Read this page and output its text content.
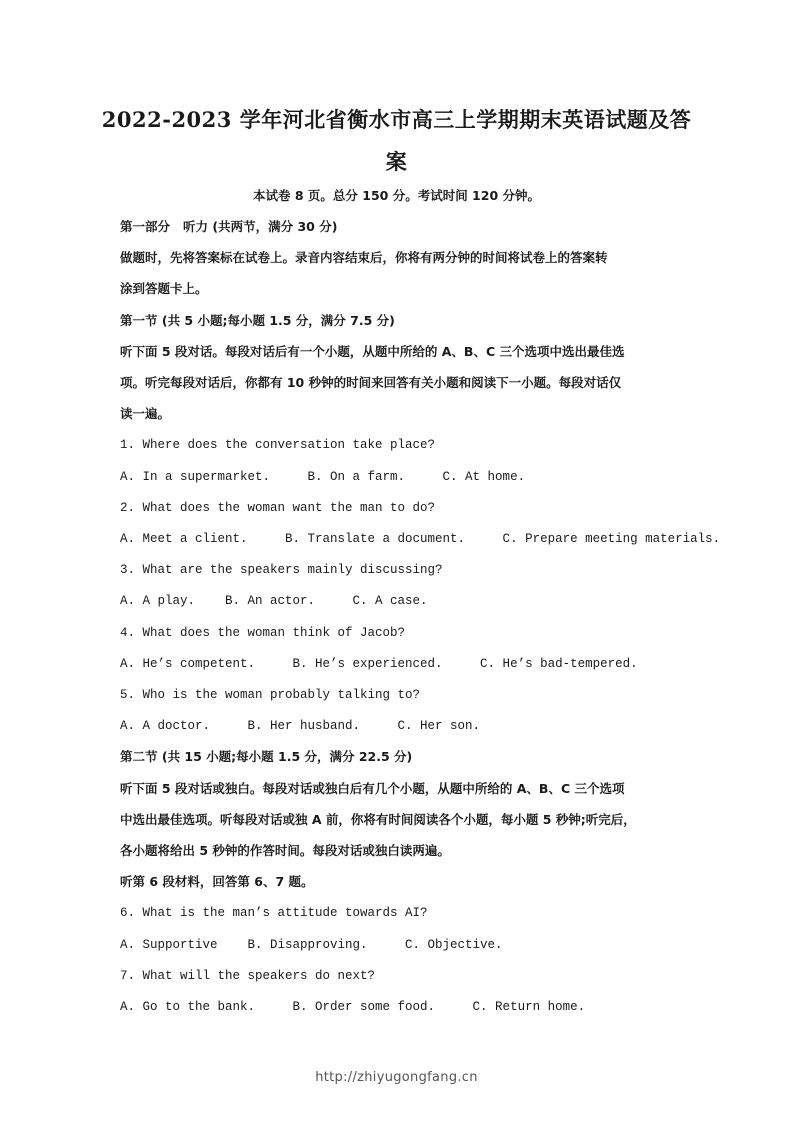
2022-2023 学年河北省衡水市高三上学期期末英语试题及答
案
本试卷 8 页。总分 150 分。考试时间 120 分钟。
第一部分   听力 (共两节，满分 30 分)
做题时，先将答案标在试卷上。录音内容结束后，你将有两分钟的时间将试卷上的答案转
涂到答题卡上。
第一节 (共 5 小题;每小题 1.5 分，满分 7.5 分)
听下面 5 段对话。每段对话后有一个小题，从题中所给的 A、B、C 三个选项中选出最佳选
项。听完每段对话后，你都有 10 秒钟的时间来回答有关小题和阅读下一小题。每段对话仅
读一遍。
1. Where does the conversation take place?
A. In a supermarket.     B. On a farm.     C. At home.
2. What does the woman want the man to do?
A. Meet a client.     B. Translate a document.     C. Prepare meeting materials.
3. What are the speakers mainly discussing?
A. A play.    B. An actor.     C. A case.
4. What does the woman think of Jacob?
A. He’s competent.     B. He’s experienced.     C. He’s bad-tempered.
5. Who is the woman probably talking to?
A. A doctor.     B. Her husband.     C. Her son.
第二节 (共 15 小题;每小题 1.5 分，满分 22.5 分)
听下面 5 段对话或独白。每段对话或独白后有几个小题，从题中所给的 A、B、C 三个选项
中选出最佳选项。听每段对话或独 A 前，你将有时间阅读各个小题，每小题 5 秒钟;听完后，
各小题将给出 5 秒钟的作答时间。每段对话或独白读两遍。
听第 6 段材料，回答第 6、7 题。
6. What is the man’s attitude towards AI?
A. Supportive    B. Disapproving.     C. Objective.
7. What will the speakers do next?
A. Go to the bank.     B. Order some food.     C. Return home.
http://zhiyugongfang.cn
